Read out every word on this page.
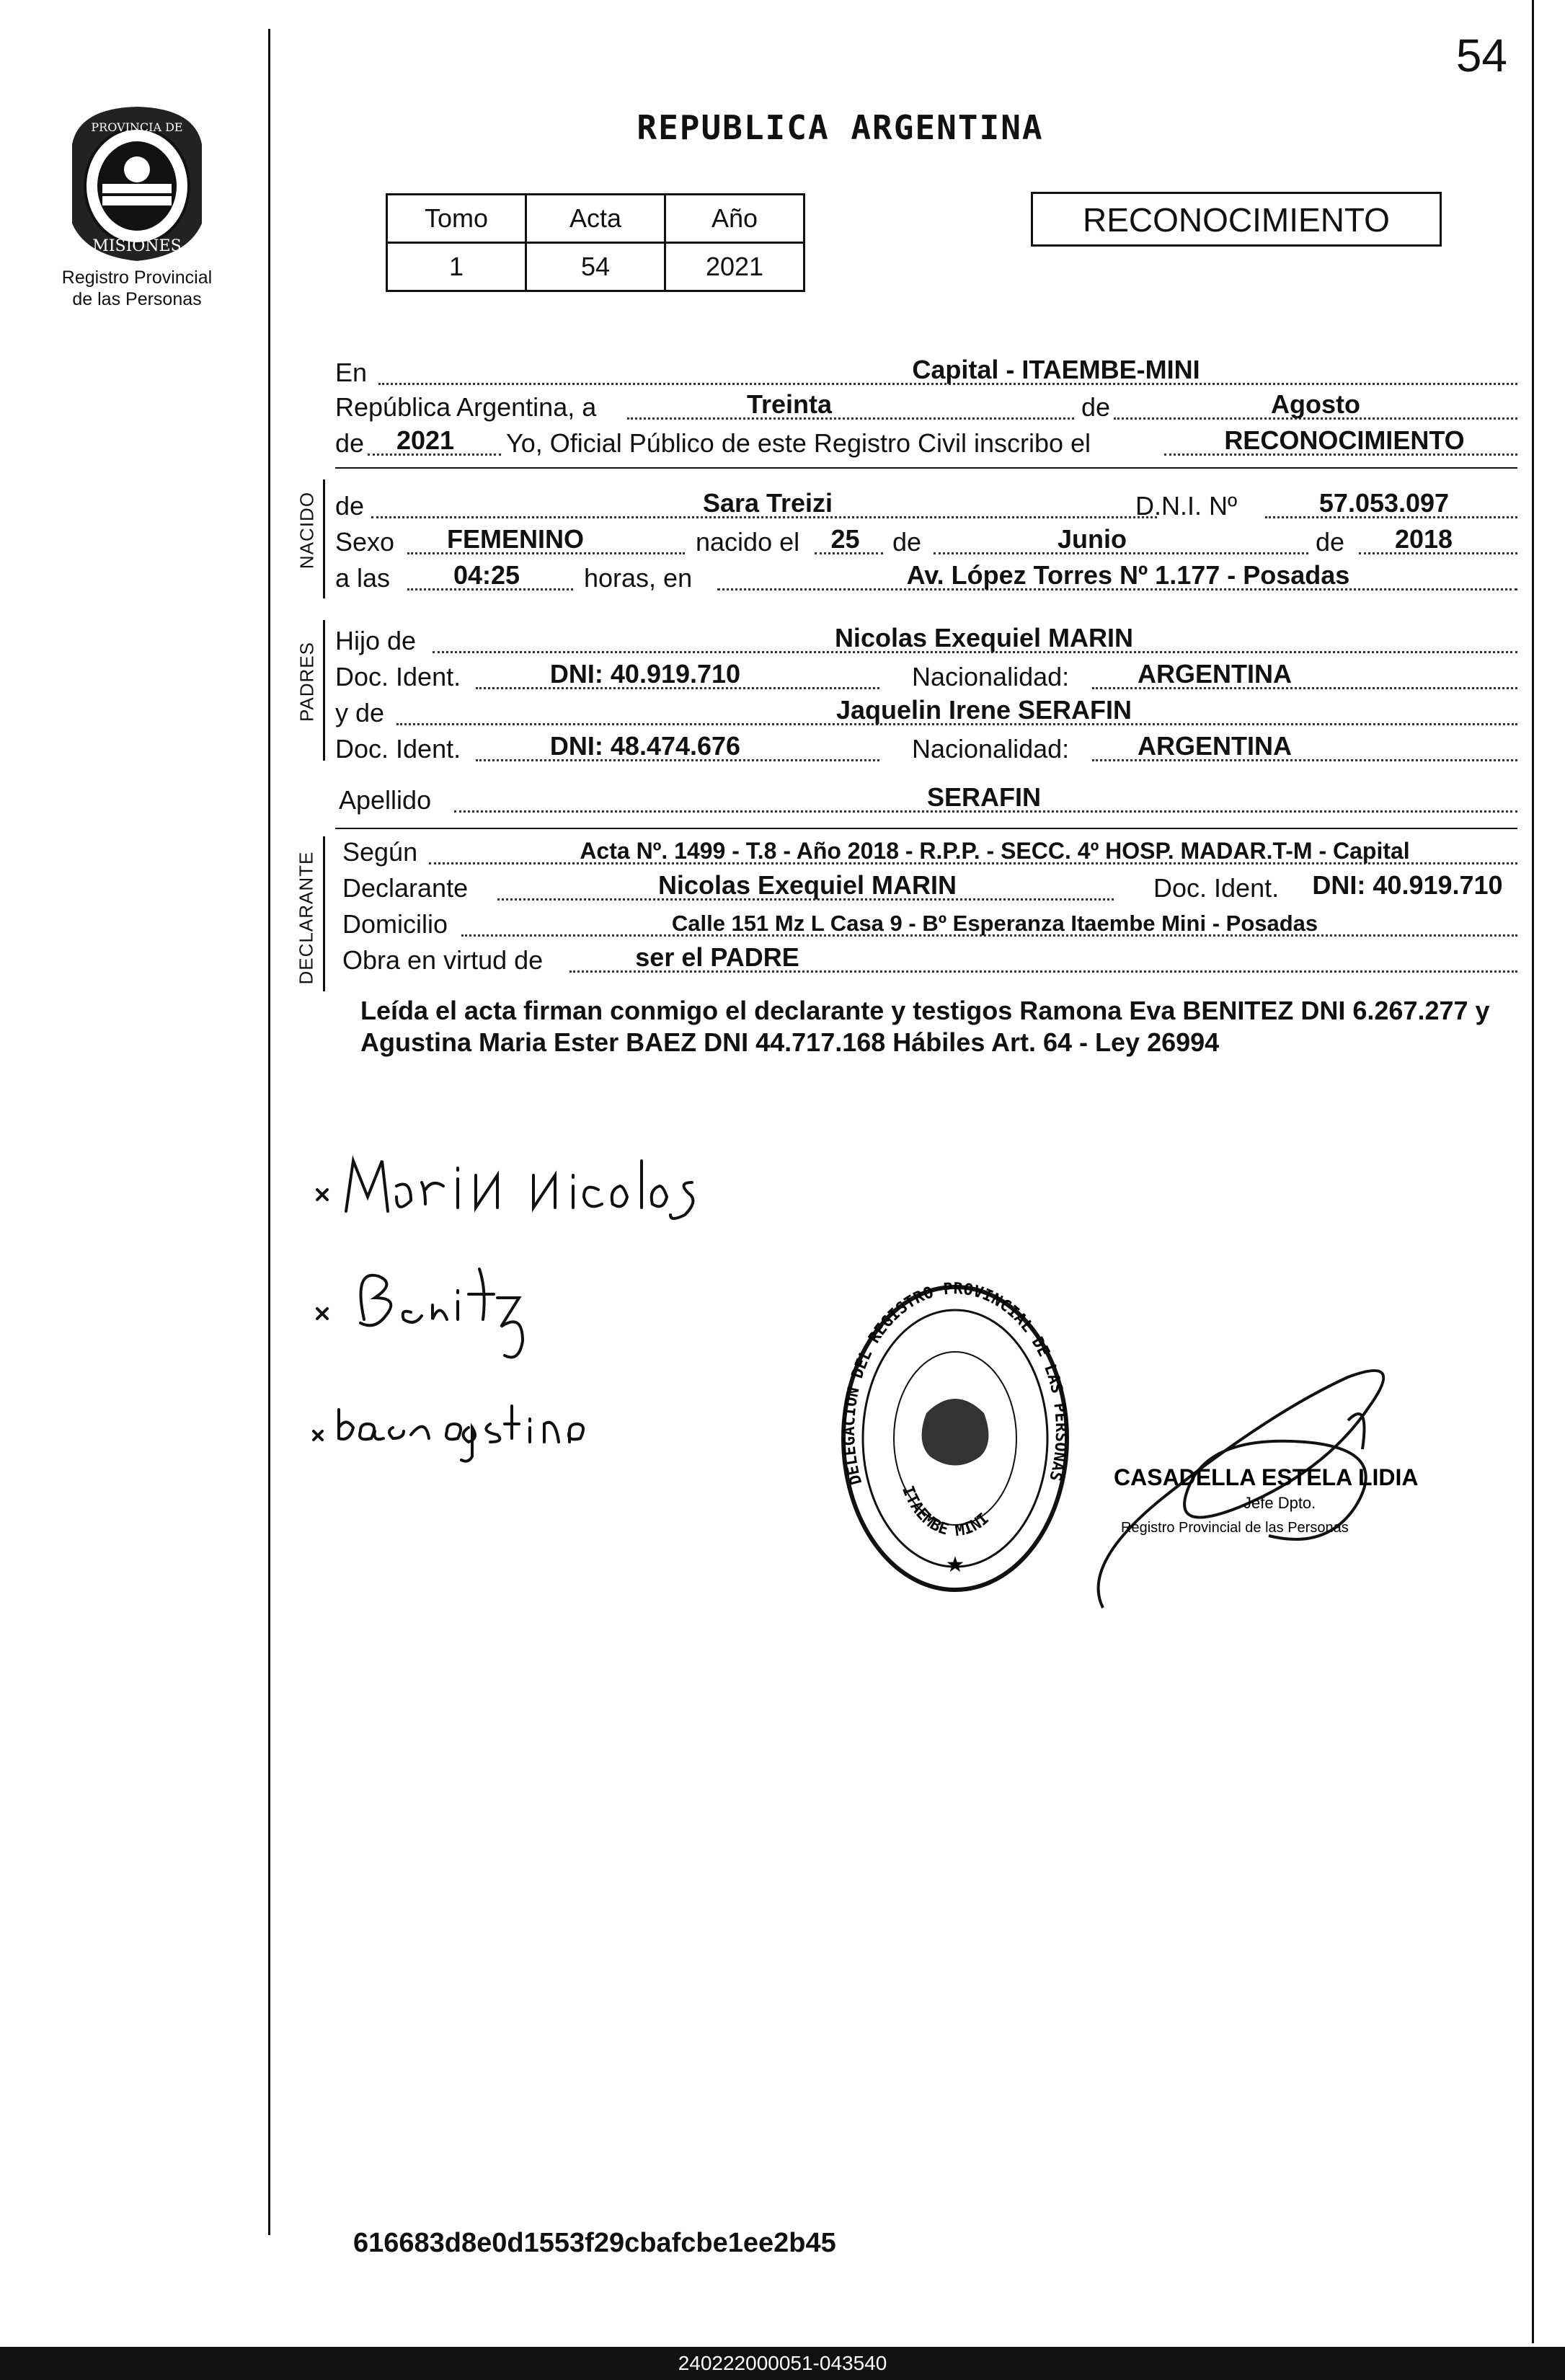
54
PROVINCIA DE
MISIONES
Registro Provincial
de las Personas
REPUBLICA ARGENTINA
Tomo	Acta	Año
1	54	2021
RECONOCIMIENTO
En	Capital - ITAEMBE-MINI
República Argentina, a	Treinta	de	Agosto
de	2021	Yo, Oficial Público de este Registro Civil inscribo el	RECONOCIMIENTO
NACIDO de	Sara Treizi	D.N.I. Nº	57.053.097
Sexo	FEMENINO	nacido el	25	de	Junio	de	2018
a las	04:25	horas, en	Av. López Torres Nº 1.177 - Posadas
PADRES
Hijo de	Nicolas Exequiel MARIN
Doc. Ident.	DNI: 40.919.710	Nacionalidad:	ARGENTINA
y de	Jaquelin Irene SERAFIN
Doc. Ident.	DNI: 48.474.676	Nacionalidad:	ARGENTINA
Apellido	SERAFIN
DECLARANTE Según	Acta Nº. 1499 - T.8 - Año 2018 - R.P.P. - SECC. 4º HOSP. MADAR.T-M - Capital
Declarante	Nicolas Exequiel MARIN	Doc. Ident.	DNI: 40.919.710
Domicilio	Calle 151 Mz L Casa 9 - Bº Esperanza Itaembe Mini - Posadas
Obra en virtud de	ser el PADRE
Leída el acta firman conmigo el declarante y testigos Ramona Eva BENITEZ DNI 6.267.277 y Agustina Maria Ester BAEZ DNI 44.717.168 Hábiles Art. 64 - Ley 26994
★
DELEGACION DEL REGISTRO PROVINCIAL DE LAS PERSONAS
ITAEMBE MINI
CASADELLA ESTELA LIDIA
Jefe Dpto.
Registro Provincial de las Personas
616683d8e0d1553f29cbafcbe1ee2b45
240222000051-043540
